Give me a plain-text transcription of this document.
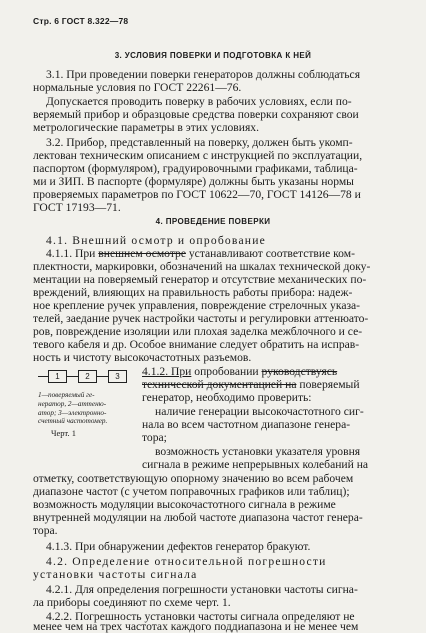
Стр. 6 ГОСТ 8.322—78
3. УСЛОВИЯ ПОВЕРКИ И ПОДГОТОВКА К НЕЙ
3.1. При проведении поверки генераторов должны соблюдаться
нормальные условия по ГОСТ 22261—76.
Допускается проводить поверку в рабочих условиях, если по-
веряемый прибор и образцовые средства поверки сохраняют свои
метрологические параметры в этих условиях.
3.2. Прибор, представленный на поверку, должен быть укомп-
лектован техническим описанием с инструкцией по эксплуатации,
паспортом (формуляром), градуировочными графиками, таблица-
ми и ЗИП. В паспорте (формуляре) должны быть указаны нормы
проверяемых параметров по ГОСТ 10622—70, ГОСТ 14126—78 и
ГОСТ 17193—71.
4. ПРОВЕДЕНИЕ ПОВЕРКИ
4.1. Внешний осмотр и опробование
4.1.1. При внешнем осмотре устанавливают соответствие ком-
плектности, маркировки, обозначений на шкалах технической доку-
ментации на поверяемый генератор и отсутствие механических по-
вреждений, влияющих на правильность работы прибора: надеж-
ное крепление ручек управления, повреждение стрелочных указа-
телей, заедание ручек настройки частоты и регулировки аттенюато-
ров, повреждение изоляции или плохая заделка межблочного и се-
тевого кабеля и др. Особое внимание следует обратить на исправ-
ность и чистоту высокочастотных разъемов.
1	2	3
1—поверяемый ге-
нератор, 2—аттеню-
атор; 3—электронно-
счетный частотомер.
Черт. 1
4.1.2. При опробовании руководствуясь
технической документацией на поверяемый
генератор, необходимо проверить:
наличие генерации высокочастотного сиг-
нала во всем частотном диапазоне генера-
тора;
возможность установки указателя уровня
сигнала в режиме непрерывных колебаний на
отметку, соответствующую опорному значению во всем рабочем
диапазоне частот (с учетом поправочных графиков или таблиц);
возможность модуляции высокочастотного сигнала в режиме
внутренней модуляции на любой частоте диапазона частот генера-
тора.
4.1.3. При обнаружении дефектов генератор бракуют.
4.2. Определение относительной погрешности
установки частоты сигнала
4.2.1. Для определения погрешности установки частоты сигна-
ла приборы соединяют по схеме черт. 1.
4.2.2. Погрешность установки частоты сигнала определяют не
менее чем на трех частотах каждого поддиапазона и не менее чем
